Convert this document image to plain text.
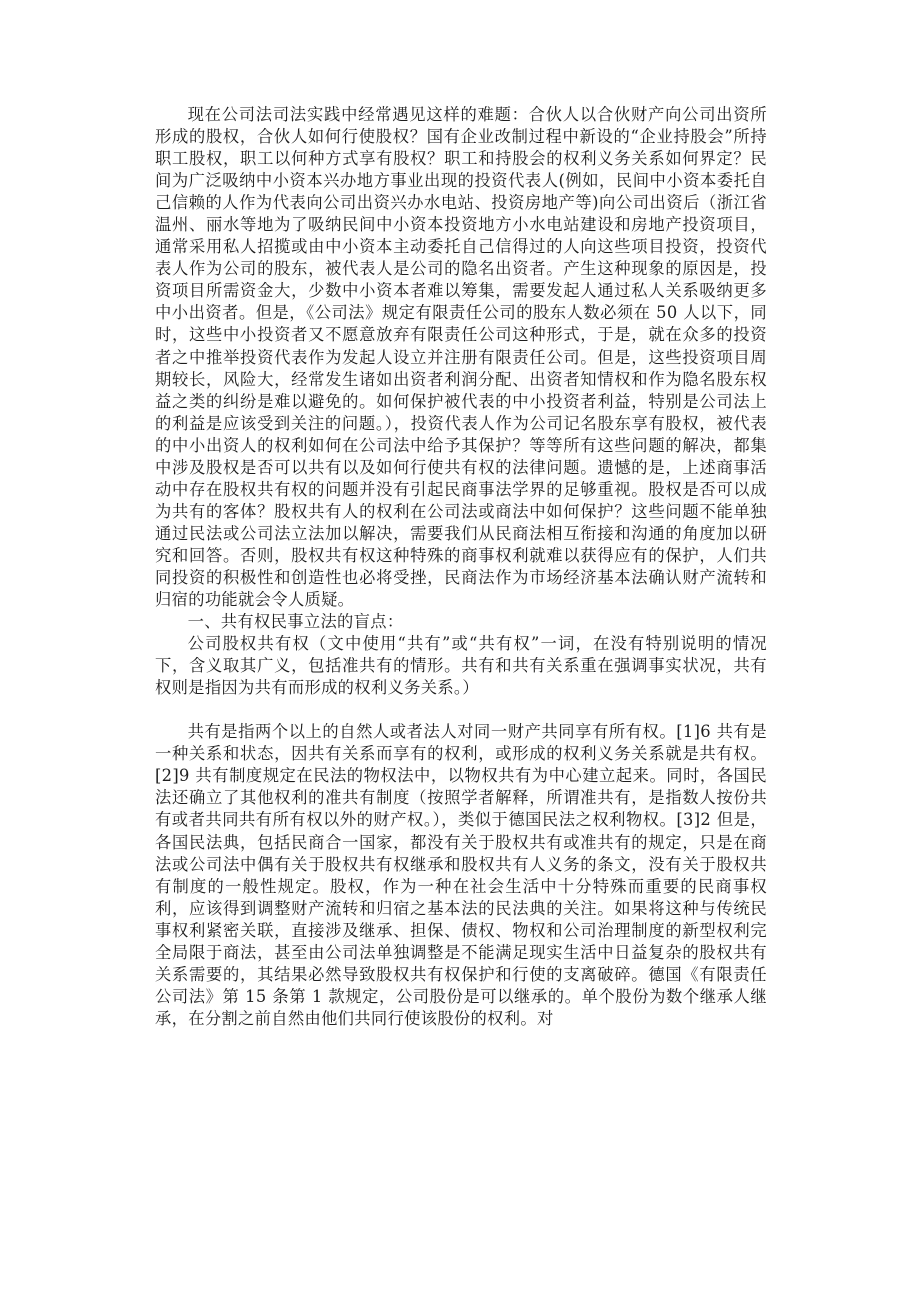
现在公司法司法实践中经常遇见这样的难题：合伙人以合伙财产向公司出资所形成的股权，合伙人如何行使股权？国有企业改制过程中新设的“企业持股会”所持职工股权，职工以何种方式享有股权？职工和持股会的权利义务关系如何界定？民间为广泛吸纳中小资本兴办地方事业出现的投资代表人(例如，民间中小资本委托自己信赖的人作为代表向公司出资兴办水电站、投资房地产等)向公司出资后（浙江省温州、丽水等地为了吸纳民间中小资本投资地方小水电站建设和房地产投资项目，通常采用私人招揽或由中小资本主动委托自己信得过的人向这些项目投资，投资代表人作为公司的股东，被代表人是公司的隐名出资者。产生这种现象的原因是，投资项目所需资金大，少数中小资本者难以筹集，需要发起人通过私人关系吸纳更多中小出资者。但是，《公司法》规定有限责任公司的股东人数必须在 50 人以下，同时，这些中小投资者又不愿意放弃有限责任公司这种形式，于是，就在众多的投资者之中推举投资代表作为发起人设立并注册有限责任公司。但是，这些投资项目周期较长，风险大，经常发生诸如出资者利润分配、出资者知情权和作为隐名股东权益之类的纠纷是难以避免的。如何保护被代表的中小投资者利益，特别是公司法上的利益是应该受到关注的问题。），投资代表人作为公司记名股东享有股权，被代表的中小出资人的权利如何在公司法中给予其保护？等等所有这些问题的解决，都集中涉及股权是否可以共有以及如何行使共有权的法律问题。遗憾的是，上述商事活动中存在股权共有权的问题并没有引起民商事法学界的足够重视。股权是否可以成为共有的客体？股权共有人的权利在公司法或商法中如何保护？这些问题不能单独通过民法或公司法立法加以解决，需要我们从民商法相互衔接和沟通的角度加以研究和回答。否则，股权共有权这种特殊的商事权利就难以获得应有的保护，人们共同投资的积极性和创造性也必将受挫，民商法作为市场经济基本法确认财产流转和归宿的功能就会令人质疑。

一、共有权民事立法的盲点：

公司股权共有权（文中使用“共有”或“共有权”一词，在没有特别说明的情况下，含义取其广义，包括准共有的情形。共有和共有关系重在强调事实状况，共有权则是指因为共有而形成的权利义务关系。）

共有是指两个以上的自然人或者法人对同一财产共同享有所有权。[1]6 共有是一种关系和状态，因共有关系而享有的权利，或形成的权利义务关系就是共有权。[2]9 共有制度规定在民法的物权法中，以物权共有为中心建立起来。同时，各国民法还确立了其他权利的准共有制度（按照学者解释，所谓准共有，是指数人按份共有或者共同共有所有权以外的财产权。），类似于德国民法之权利物权。[3]2 但是，各国民法典，包括民商合一国家，都没有关于股权共有或准共有的规定，只是在商法或公司法中偶有关于股权共有权继承和股权共有人义务的条文，没有关于股权共有制度的一般性规定。股权，作为一种在社会生活中十分特殊而重要的民商事权利，应该得到调整财产流转和归宿之基本法的民法典的关注。如果将这种与传统民事权利紧密关联，直接涉及继承、担保、债权、物权和公司治理制度的新型权利完全局限于商法，甚至由公司法单独调整是不能满足现实生活中日益复杂的股权共有关系需要的，其结果必然导致股权共有权保护和行使的支离破碎。德国《有限责任公司法》第 15 条第 1 款规定，公司股份是可以继承的。单个股份为数个继承人继承，在分割之前自然由他们共同行使该股份的权利。对
